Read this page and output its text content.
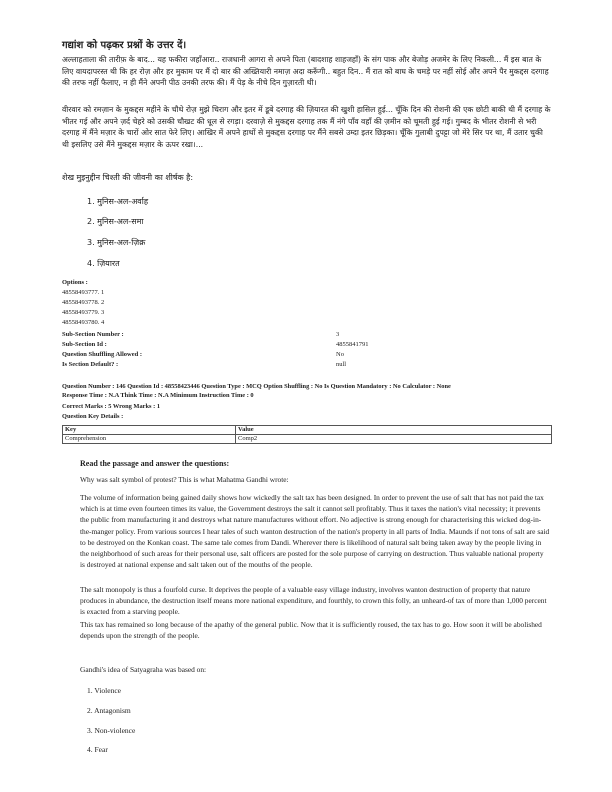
गद्यांश को पढ़कर प्रश्नों के उत्तर दें।

अल्लाहताला की तारीफ़ के बाद... यह फकीरा जहाँआरा.. राजधानी आगरा से अपने पिता (बादशाह शाहजहाँ) के संग पाक और बेजोड़ अजमेर के लिए निकली... मैं इस बात के लिए वायदापरस्त थी कि हर रोज़ और हर मुकाम पर मैं दो बार की अख्तियारी नमाज़ अदा करूँगी.. बहुत दिन.. मैं रात को बाघ के चमड़े पर नहीं सोई और अपने पैर मुकद्दस दरगाह की तरफ नहीं फैलाए, न ही मैंने अपनी पीठ उनकी तरफ की। मैं पेड़ के नीचे दिन गुज़ारती थी।

वीरवार को रमज़ान के मुकद्दस महीने के चौथे रोज़ मुझे चिराग और इतर में डूबे दरगाह की ज़ियारत की खुशी हासिल हुई... चूँकि दिन की रोशनी की एक छोटी बाकी थी मैं दरगाह के भीतर गई और अपने ज़र्द चेहरे को उसकी चौखट की धूल से रगड़ा। दरवाज़े से मुकद्दस दरगाह तक मैं नंगे पाँव वहाँ की ज़मीन को चूमती हुई गई। गुम्बद के भीतर रोशनी से भरी दरगाह में मैंने मज़ार के चारों ओर सात फेरे लिए। आखिर में अपने हाथों से मुकद्दस दरगाह पर मैंने सबसे उम्दा इतर छिड़का। चूँकि गुलाबी दुपट्टा जो मेरे सिर पर था, मैं उतार चुकी थी इसलिए उसे मैंने मुकद्दस मज़ार के ऊपर रखा।...

शेख मुइनुद्दीन चिश्ती की जीवनी का शीर्षक है:
1. मुनिस-अल-अर्वाह
2. मुनिस-अल-समा
3. मुनिस-अल-ज़िक्र
4. ज़ियारत
Options :
48558493777. 1
48558493778. 2
48558493779. 3
48558493780. 4
Sub-Section Number :	3
Sub-Section Id :	4855841791
Question Shuffling Allowed :	No
Is Section Default? :	null
Question Number : 146 Question Id : 48558423446 Question Type : MCQ Option Shuffling : No Is Question Mandatory : No Calculator : None
Response Time : N.A Think Time : N.A Minimum Instruction Time : 0
Correct Marks : 5 Wrong Marks : 1
Question Key Details :
Key	Value
Comprehension	Comp2
Read the passage and answer the questions:

Why was salt symbol of protest? This is what Mahatma Gandhi wrote:

The volume of information being gained daily shows how wickedly the salt tax has been designed. In order to prevent the use of salt that has not paid the tax which is at time even fourteen times its value, the Government destroys the salt it cannot sell profitably. Thus it taxes the nation's vital necessity; it prevents the public from manufacturing it and destroys what nature manufactures without effort. No adjective is strong enough for characterising this wicked dog-in-the-manger policy. From various sources I hear tales of such wanton destruction of the nation's property in all parts of India. Maunds if not tons of salt are said to be destroyed on the Konkan coast. The same tale comes from Dandi. Wherever there is likelihood of natural salt being taken away by the people living in the neighborhood of such areas for their personal use, salt officers are posted for the sole purpose of carrying on destruction. Thus valuable national property is destroyed at national expense and salt taken out of the mouths of the people.

The salt monopoly is thus a fourfold curse. It deprives the people of a valuable easy village industry, involves wanton destruction of property that nature produces in abundance, the destruction itself means more national expenditure, and fourthly, to crown this folly, an unheard-of tax of more than 1,000 percent is exacted from a starving people.

This tax has remained so long because of the apathy of the general public. Now that it is sufficiently roused, the tax has to go. How soon it will be abolished depends upon the strength of the people.

Gandhi's idea of Satyagraha was based on:
1. Violence
2. Antagonism
3. Non-violence
4. Fear
